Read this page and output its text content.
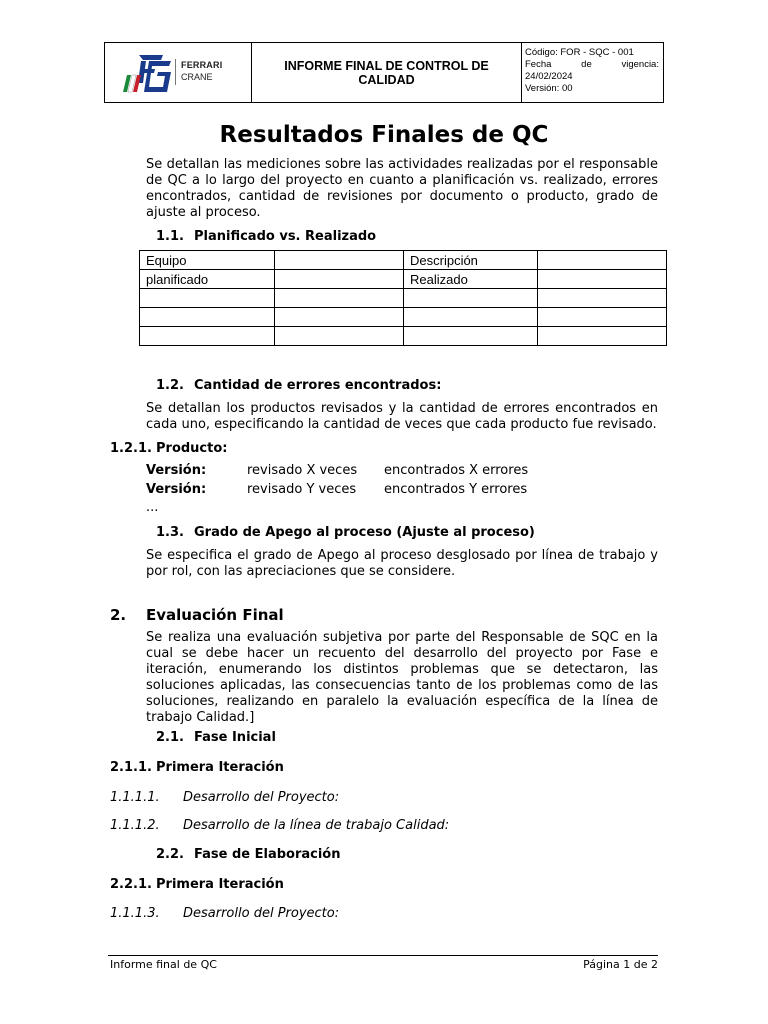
FERRARI
CRANE
INFORME FINAL DE CONTROL DE CALIDAD
Código: FOR - SQC - 001
Fecha	de	vigencia:
24/02/2024
Versión: 00
Resultados Finales de QC
Se detallan las mediciones sobre las actividades realizadas por el responsable de QC a lo largo del proyecto en cuanto a planificación vs. realizado, errores encontrados, cantidad de revisiones por documento o producto, grado de ajuste al proceso.
1.1. Planificado vs. Realizado
Equipo		Descripción	
planificado		Realizado	

1.2. Cantidad de errores encontrados:
Se detallan los productos revisados y la cantidad de errores encontrados en cada uno, especificando la cantidad de veces que cada producto fue revisado.
1.2.1. Producto:
Versión:	revisado X veces encontrados X errores
Versión:	revisado Y veces encontrados Y errores
...
1.3. Grado de Apego al proceso (Ajuste al proceso)
Se especifica el grado de Apego al proceso desglosado por línea de trabajo y por rol, con las apreciaciones que se considere.
2. Evaluación Final
Se realiza una evaluación subjetiva por parte del Responsable de SQC en la cual se debe hacer un recuento del desarrollo del proyecto por Fase e iteración, enumerando los distintos problemas que se detectaron, las soluciones aplicadas, las consecuencias tanto de los problemas como de las soluciones, realizando en paralelo la evaluación específica de la línea de trabajo Calidad.]
2.1. Fase Inicial
2.1.1. Primera Iteración
1.1.1.1. Desarrollo del Proyecto:
1.1.1.2. Desarrollo de la línea de trabajo Calidad:
2.2. Fase de Elaboración
2.2.1. Primera Iteración
1.1.1.3. Desarrollo del Proyecto:
Informe final de QC	Página 1 de 2
